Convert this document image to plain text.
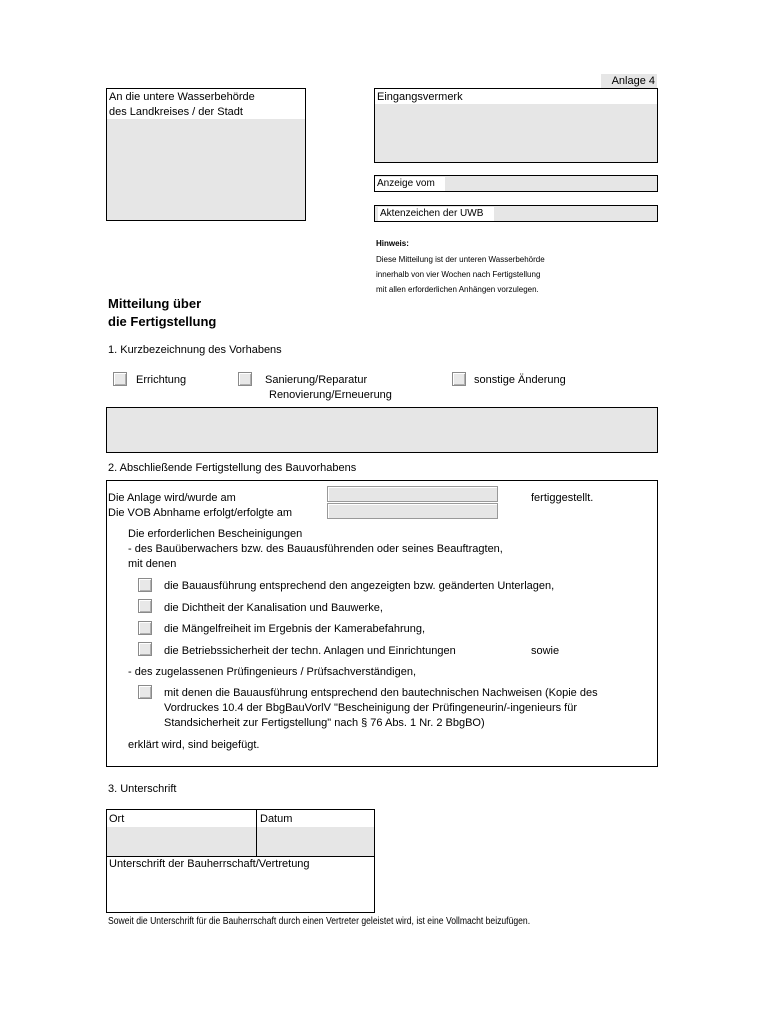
Anlage 4
An die untere Wasserbehörde
des Landkreises / der Stadt
Eingangsvermerk
Anzeige vom
Aktenzeichen der UWB
Hinweis:
Diese Mitteilung ist der unteren Wasserbehörde
innerhalb von vier Wochen nach Fertigstellung
mit allen erforderlichen Anhängen vorzulegen.
Mitteilung über
die Fertigstellung
1. Kurzbezeichnung des Vorhabens
Errichtung	Sanierung/Reparatur
Renovierung/Erneuerung
sonstige Änderung
2. Abschließende Fertigstellung des Bauvorhabens
Die Anlage wird/wurde am
Die VOB Abnhame erfolgt/erfolgte am
fertiggestellt.
Die erforderlichen Bescheinigungen
- des Bauüberwachers bzw. des Bauausführenden oder seines Beauftragten,
mit denen
die Bauausführung entsprechend den angezeigten bzw. geänderten Unterlagen,
die Dichtheit der Kanalisation und Bauwerke,
die Mängelfreiheit im Ergebnis der Kamerabefahrung,
die Betriebssicherheit der techn. Anlagen und Einrichtungen	sowie
- des zugelassenen Prüfingenieurs / Prüfsachverständigen,
mit denen die Bauausführung entsprechend den bautechnischen Nachweisen (Kopie des
Vordruckes 10.4 der BbgBauVorlV "Bescheinigung der Prüfingeneurin/-ingenieurs für
Standsicherheit zur Fertigstellung" nach § 76 Abs. 1 Nr. 2 BbgBO)
erklärt wird, sind beigefügt.
3. Unterschrift
Ort	Datum
Unterschrift der Bauherrschaft/Vertretung
Soweit die Unterschrift für die Bauherrschaft durch einen Vertreter geleistet wird, ist eine Vollmacht beizufügen.
